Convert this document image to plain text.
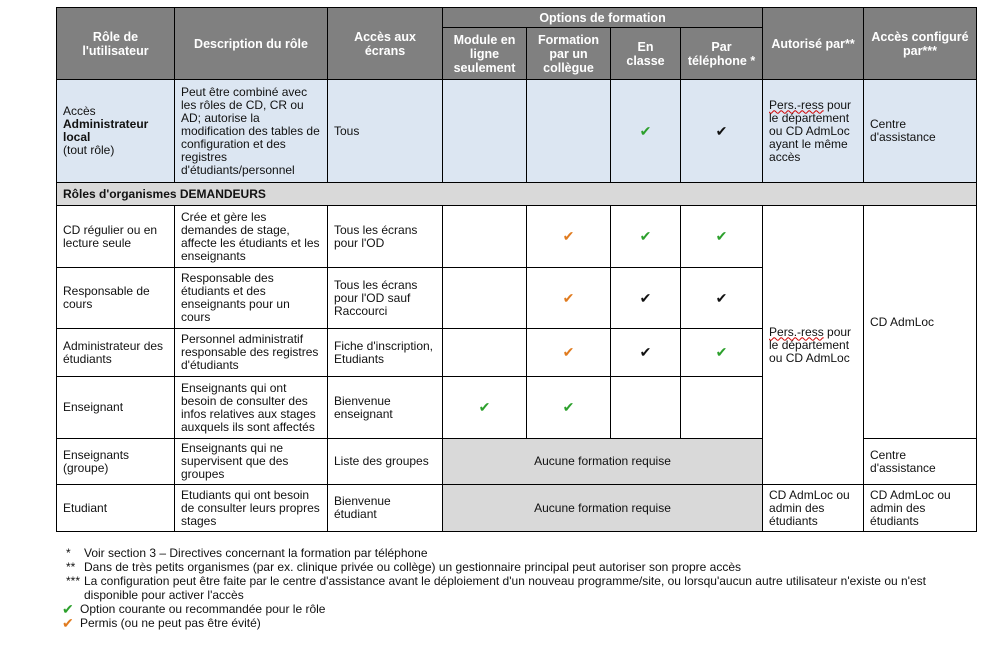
Rôle de l'utilisateur	Description du rôle	Accès aux écrans	Options de formation				Autorisé par**	Accès configuré par***
			Module en ligne seulement	Formation par un collègue	En classe	Par téléphone *		
Accès
Administrateur local
(tout rôle)	Peut être combiné avec les rôles de CD, CR ou AD; autorise la modification des tables de configuration et des registres d'étudiants/personnel	Tous			✔	✔	Pers.-ress pour le département ou CD AdmLoc ayant le même accès	Centre d'assistance
Rôles d'organismes DEMANDEURS								
CD régulier ou en lecture seule	Crée et gère les demandes de stage, affecte les étudiants et les enseignants	Tous les écrans pour l'OD		✔	✔	✔	Pers.-ress pour le département ou CD AdmLoc	CD AdmLoc
Responsable de cours	Responsable des étudiants et des enseignants pour un cours	Tous les écrans pour l'OD sauf Raccourci		✔	✔	✔		
Administrateur des étudiants	Personnel administratif responsable des registres d'étudiants	Fiche d'inscription, Etudiants		✔	✔	✔		
Enseignant	Enseignants qui ont besoin de consulter des infos relatives aux stages auxquels ils sont affectés	Bienvenue enseignant	✔	✔				
Enseignants (groupe)	Enseignants qui ne supervisent que des groupes	Liste des groupes	Aucune formation requise					Centre d'assistance
Etudiant	Etudiants qui ont besoin de consulter leurs propres stages	Bienvenue étudiant	Aucune formation requise				CD AdmLoc ou admin des étudiants	CD AdmLoc ou admin des étudiants
*	Voir section 3 – Directives concernant la formation par téléphone
** Dans de très petits organismes (par ex. clinique privée ou collège) un gestionnaire principal peut autoriser son propre accès
*** La configuration peut être faite par le centre d'assistance avant le déploiement d'un nouveau programme/site, ou lorsqu'aucun autre utilisateur n'existe ou n'est disponible pour activer l'accès
✔ Option courante ou recommandée pour le rôle
✔ Permis (ou ne peut pas être évité)
